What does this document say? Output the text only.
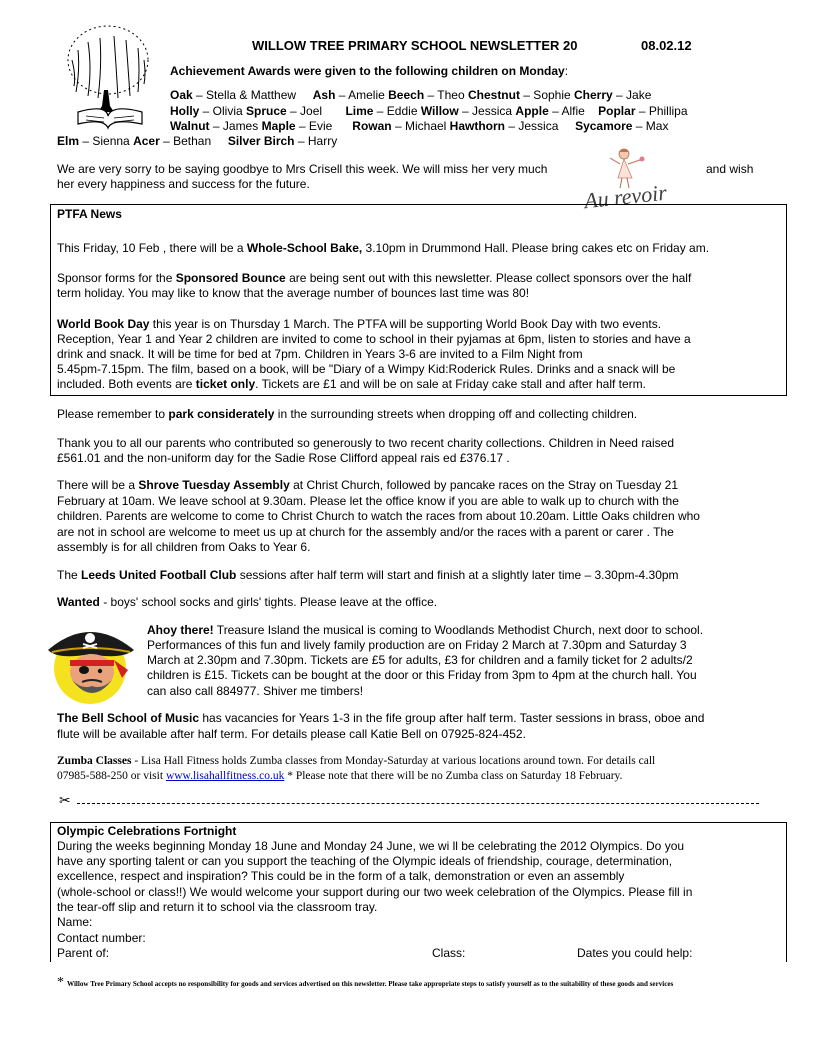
WILLOW TREE PRIMARY SCHOOL NEWSLETTER 20	08.02.12
Achievement Awards were given to the following children on Monday:
Oak – Stella & Matthew Ash – Amelie Beech – Theo Chestnut – Sophie Cherry – Jake
Holly – Olivia Spruce – Joel       Lime – Eddie Willow – Jessica Apple – Alfie    Poplar – Phillipa
Walnut – James Maple – Evie      Rowan – Michael Hawthorn – Jessica     Sycamore – Max
Elm – Sienna Acer – Bethan     Silver Birch – Harry
We are very sorry to be saying goodbye to Mrs Crisell this week. We will miss her very much	and wish
her every happiness and success for the future.	Au revoir
PTFA News
This Friday, 10 Feb , there will be a Whole-School Bake, 3.10pm in Drummond Hall. Please bring cakes etc on Friday am.
Sponsor forms for the Sponsored Bounce are being sent out with this newsletter. Please collect sponsors over the half
term holiday. You may like to know that the average number of bounces last time was 80!
World Book Day this year is on Thursday 1 March. The PTFA will be supporting World Book Day with two events.
Reception, Year 1 and Year 2 children are invited to come to school in their pyjamas at 6pm, listen to stories and have a
drink and snack. It will be time for bed at 7pm. Children in Years 3-6 are invited to a Film Night from
5.45pm-7.15pm. The film, based on a book, will be "Diary of a Wimpy Kid:Roderick Rules. Drinks and a snack will be
included. Both events are ticket only. Tickets are £1 and will be on sale at Friday cake stall and after half term.
Please remember to park considerately in the surrounding streets when dropping off and collecting children.
Thank you to all our parents who contributed so generously to two recent charity collections. Children in Need raised
£561.01 and the non-uniform day for the Sadie Rose Clifford appeal rais ed £376.17 .
There will be a Shrove Tuesday Assembly at Christ Church, followed by pancake races on the Stray on Tuesday 21
February at 10am. We leave school at 9.30am. Please let the office know if you are able to walk up to church with the
children. Parents are welcome to come to Christ Church to watch the races from about 10.20am. Little Oaks children who
are not in school are welcome to meet us up at church for the assembly and/or the races with a parent or carer . The
assembly is for all children from Oaks to Year 6.
The Leeds United Football Club sessions after half term will start and finish at a slightly later time – 3.30pm-4.30pm
Wanted - boys' school socks and girls' tights. Please leave at the office.
Ahoy there! Treasure Island the musical is coming to Woodlands Methodist Church, next door to school.
Performances of this fun and lively family production are on Friday 2 March at 7.30pm and Saturday 3
March at 2.30pm and 7.30pm. Tickets are £5 for adults, £3 for children and a family ticket for 2 adults/2
children is £15. Tickets can be bought at the door or this Friday from 3pm to 4pm at the church hall. You
can also call 884977. Shiver me timbers!
The Bell School of Music has vacancies for Years 1-3 in the fife group after half term. Taster sessions in brass, oboe and
flute will be available after half term. For details please call Katie Bell on 07925-824-452.
Zumba Classes - Lisa Hall Fitness holds Zumba classes from Monday-Saturday at various locations around town. For details call
07985-588-250 or visit www.lisahallfitness.co.uk * Please note that there will be no Zumba class on Saturday 18 February.
✂
Olympic Celebrations Fortnight
During the weeks beginning Monday 18 June and Monday 24 June, we wi ll be celebrating the 2012 Olympics. Do you
have any sporting talent or can you support the teaching of the Olympic ideals of friendship, courage, determination,
excellence, respect and inspiration? This could be in the form of a talk, demonstration or even an assembly
(whole-school or class!!) We would welcome your support during our two week celebration of the Olympics. Please fill in
the tear-off slip and return it to school via the classroom tray.
Name:
Contact number:
Parent of:	Class:	Dates you could help:
* Willow Tree Primary School accepts no responsibility for goods and services advertised on this newsletter. Please take appropriate steps to satisfy yourself as to the suitability of these goods and services
